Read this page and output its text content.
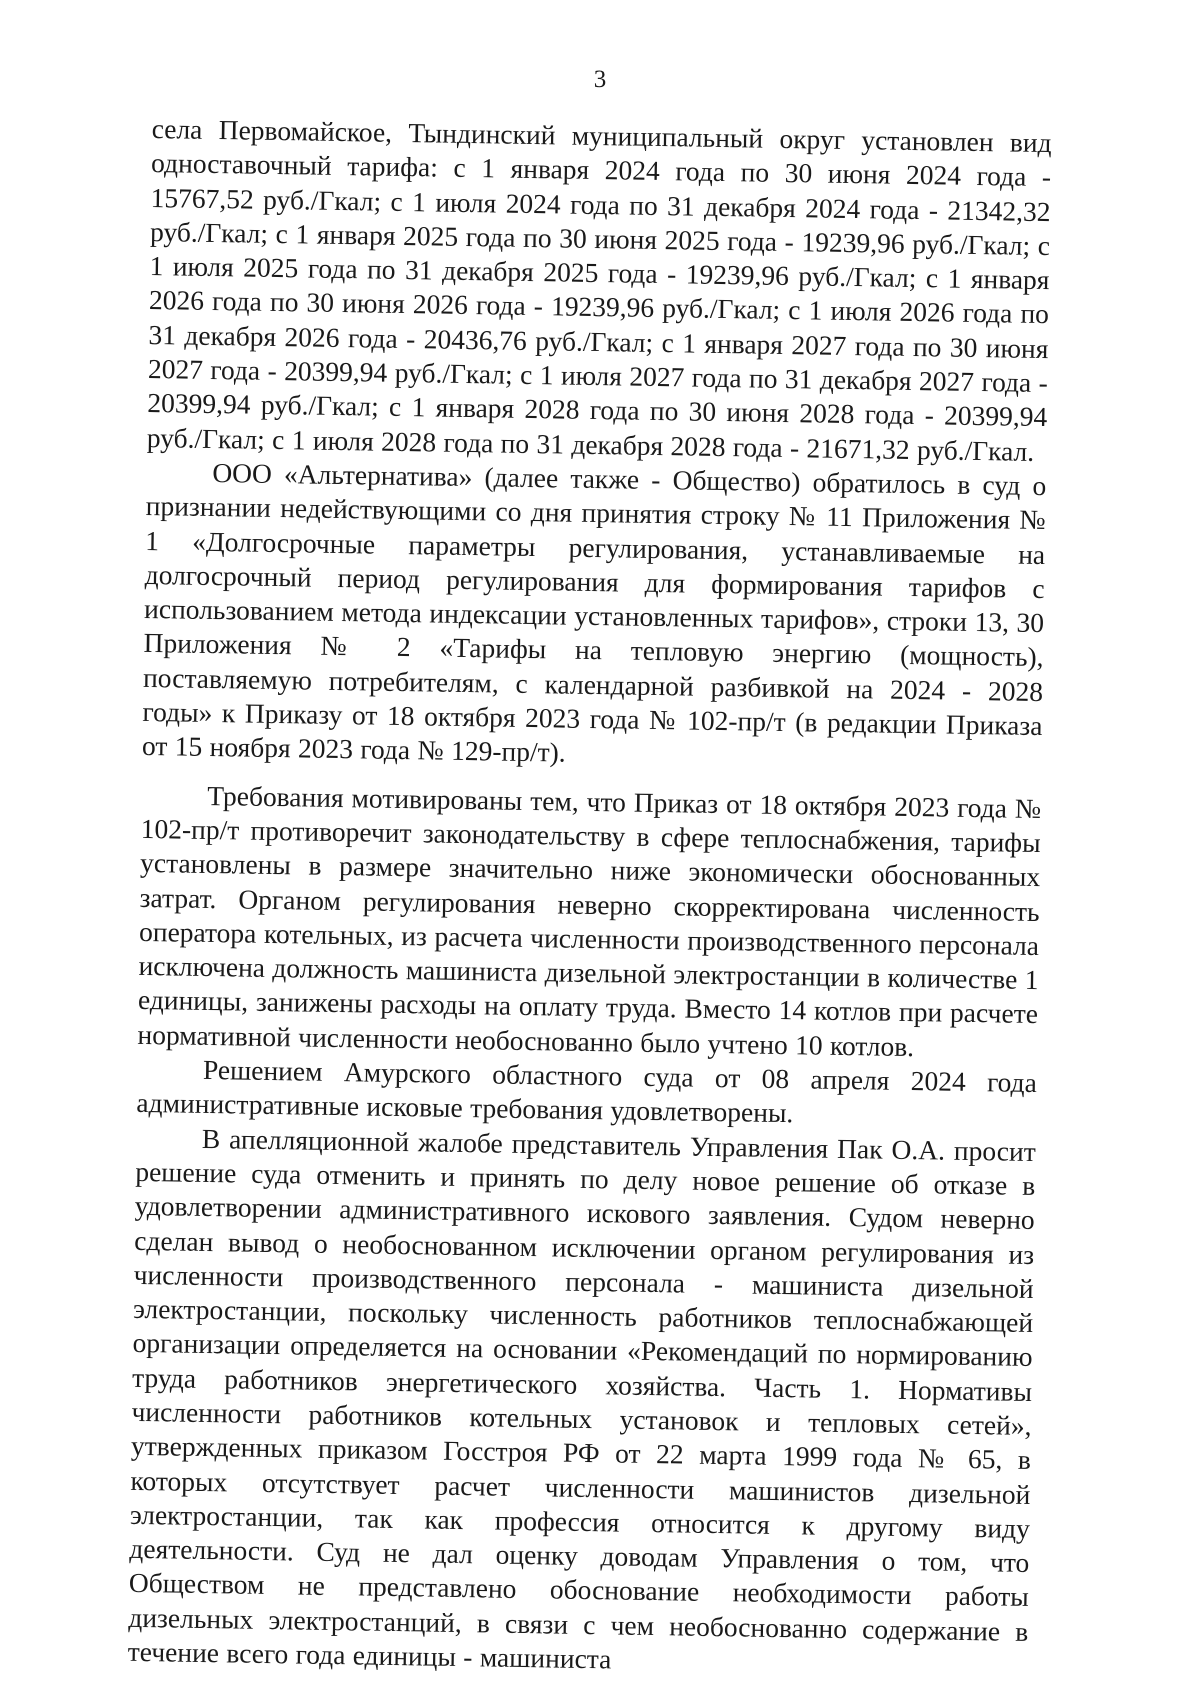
3

села Первомайское, Тындинский муниципальный округ установлен вид одноставочный тарифа: с 1 января 2024 года по 30 июня 2024 года - 15767,52 руб./Гкал; с 1 июля 2024 года по 31 декабря 2024 года - 21342,32 руб./Гкал; с 1 января 2025 года по 30 июня 2025 года - 19239,96 руб./Гкал; с 1 июля 2025 года по 31 декабря 2025 года - 19239,96 руб./Гкал; с 1 января 2026 года по 30 июня 2026 года - 19239,96 руб./Гкал; с 1 июля 2026 года по 31 декабря 2026 года - 20436,76 руб./Гкал; с 1 января 2027 года по 30 июня 2027 года - 20399,94 руб./Гкал; с 1 июля 2027 года по 31 декабря 2027 года - 20399,94 руб./Гкал; с 1 января 2028 года по 30 июня 2028 года - 20399,94 руб./Гкал; с 1 июля 2028 года по 31 декабря 2028 года - 21671,32 руб./Гкал.

ООО «Альтернатива» (далее также - Общество) обратилось в суд о признании недействующими со дня принятия строку № 11 Приложения № 1 «Долгосрочные параметры регулирования, устанавливаемые на долгосрочный период регулирования для формирования тарифов с использованием метода индексации установленных тарифов», строки 13, 30 Приложения № 2 «Тарифы на тепловую энергию (мощность), поставляемую потребителям, с календарной разбивкой на 2024 - 2028 годы» к Приказу от 18 октября 2023 года № 102-пр/т (в редакции Приказа от 15 ноября 2023 года № 129-пр/т).

Требования мотивированы тем, что Приказ от 18 октября 2023 года № 102-пр/т противоречит законодательству в сфере теплоснабжения, тарифы установлены в размере значительно ниже экономически обоснованных затрат. Органом регулирования неверно скорректирована численность оператора котельных, из расчета численности производственного персонала исключена должность машиниста дизельной электростанции в количестве 1 единицы, занижены расходы на оплату труда. Вместо 14 котлов при расчете нормативной численности необоснованно было учтено 10 котлов.

Решением Амурского областного суда от 08 апреля 2024 года административные исковые требования удовлетворены.

В апелляционной жалобе представитель Управления Пак О.А. просит решение суда отменить и принять по делу новое решение об отказе в удовлетворении административного искового заявления. Судом неверно сделан вывод о необоснованном исключении органом регулирования из численности производственного персонала - машиниста дизельной электростанции, поскольку численность работников теплоснабжающей организации определяется на основании «Рекомендаций по нормированию труда работников энергетического хозяйства. Часть 1. Нормативы численности работников котельных установок и тепловых сетей», утвержденных приказом Госстроя РФ от 22 марта 1999 года № 65, в которых отсутствует расчет численности машинистов дизельной электростанции, так как профессия относится к другому виду деятельности. Суд не дал оценку доводам Управления о том, что Обществом не представлено обоснование необходимости работы дизельных электростанций, в связи с чем необоснованно содержание в течение всего года единицы - машиниста
